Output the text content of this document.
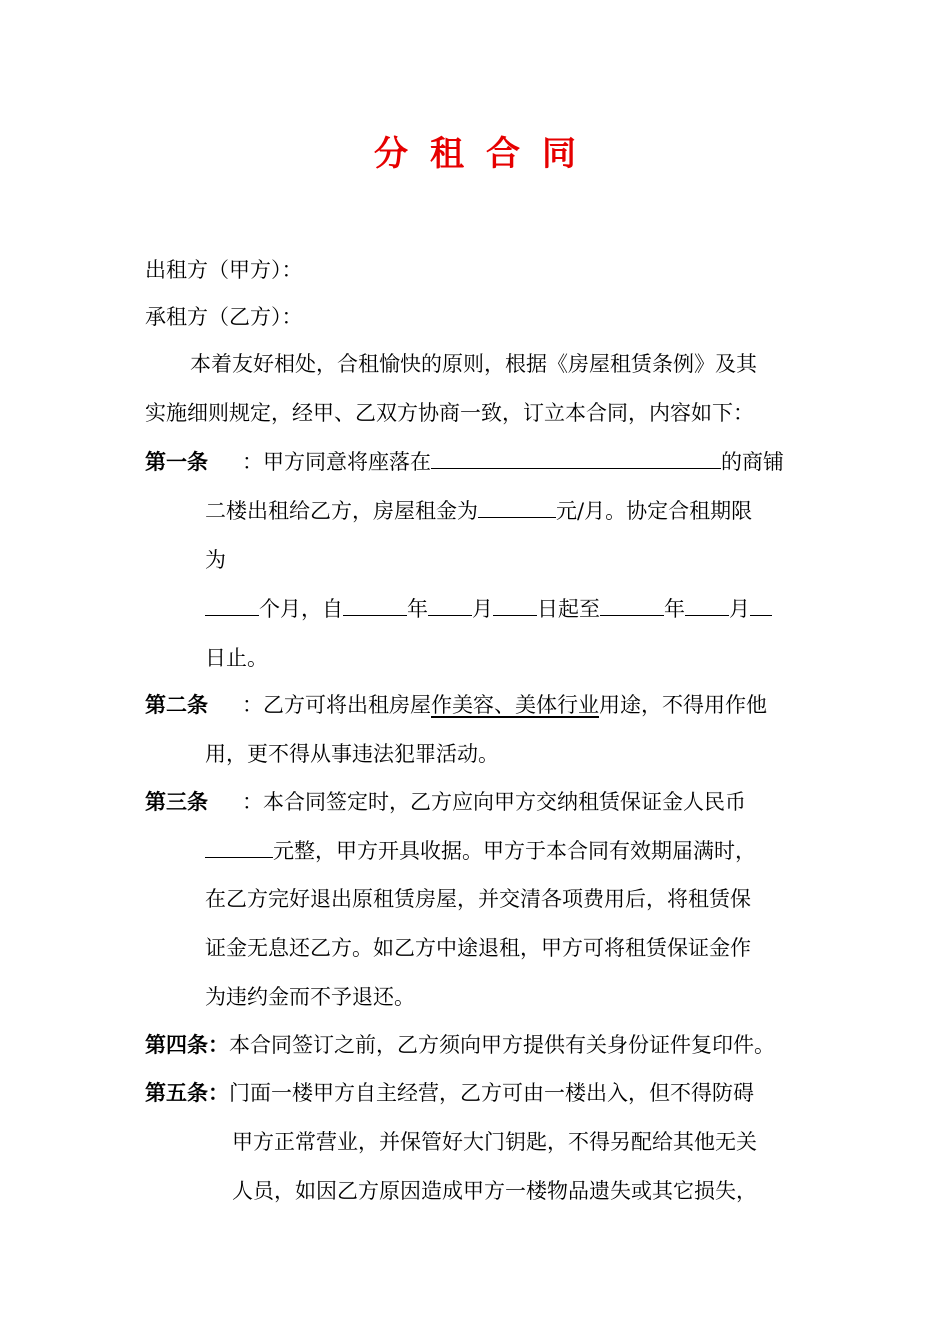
分租合同
出租方（甲方）：
承租方（乙方）：
本着友好相处，合租愉快的原则，根据《房屋租赁条例》及其
实施细则规定，经甲、乙双方协商一致，订立本合同，内容如下：
第一条 ：甲方同意将座落在	的商铺
二楼出租给乙方，房屋租金为	元/月。协定合租期限
为
个月，自	年 月 日起至	年 月
日止。
第二条 ：乙方可将出租房屋作美容、美体行业用途，不得用作他
用，更不得从事违法犯罪活动。
第三条 ：本合同签定时，乙方应向甲方交纳租赁保证金人民币
元整，甲方开具收据。甲方于本合同有效期届满时，
在乙方完好退出原租赁房屋，并交清各项费用后，将租赁保
证金无息还乙方。如乙方中途退租，甲方可将租赁保证金作
为违约金而不予退还。
第四条：本合同签订之前，乙方须向甲方提供有关身份证件复印件。
第五条：门面一楼甲方自主经营，乙方可由一楼出入，但不得防碍
甲方正常营业，并保管好大门钥匙，不得另配给其他无关
人员，如因乙方原因造成甲方一楼物品遗失或其它损失，
